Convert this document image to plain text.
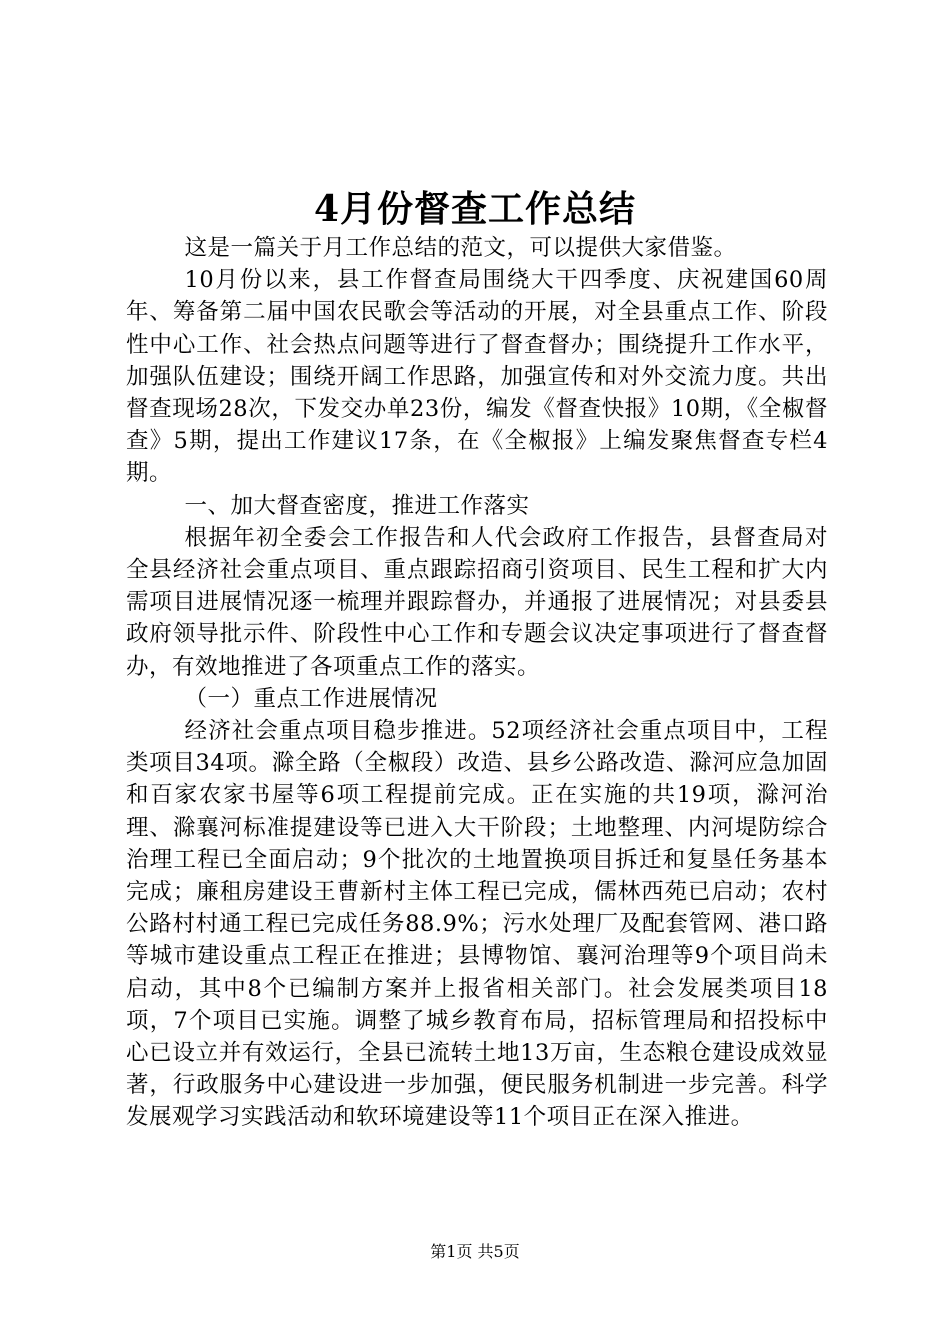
4月份督查工作总结

这是一篇关于月工作总结的范文，可以提供大家借鉴。

10月份以来，县工作督查局围绕大干四季度、庆祝建国60周年、筹备第二届中国农民歌会等活动的开展，对全县重点工作、阶段性中心工作、社会热点问题等进行了督查督办；围绕提升工作水平，加强队伍建设；围绕开阔工作思路，加强宣传和对外交流力度。共出督查现场28次，下发交办单23份，编发《督查快报》10期，《全椒督查》5期，提出工作建议17条，在《全椒报》上编发聚焦督查专栏4期。

一、加大督查密度，推进工作落实

根据年初全委会工作报告和人代会政府工作报告，县督查局对全县经济社会重点项目、重点跟踪招商引资项目、民生工程和扩大内需项目进展情况逐一梳理并跟踪督办，并通报了进展情况；对县委县政府领导批示件、阶段性中心工作和专题会议决定事项进行了督查督办，有效地推进了各项重点工作的落实。

（一）重点工作进展情况

经济社会重点项目稳步推进。52项经济社会重点项目中，工程类项目34项。滁全路（全椒段）改造、县乡公路改造、滁河应急加固和百家农家书屋等6项工程提前完成。正在实施的共19项，滁河治理、滁襄河标准提建设等已进入大干阶段；土地整理、内河堤防综合治理工程已全面启动；9个批次的土地置换项目拆迁和复垦任务基本完成；廉租房建设王曹新村主体工程已完成，儒林西苑已启动；农村公路村村通工程已完成任务88.9%；污水处理厂及配套管网、港口路等城市建设重点工程正在推进；县博物馆、襄河治理等9个项目尚未启动，其中8个已编制方案并上报省相关部门。社会发展类项目18项，7个项目已实施。调整了城乡教育布局，招标管理局和招投标中心已设立并有效运行，全县已流转土地13万亩，生态粮仓建设成效显著，行政服务中心建设进一步加强，便民服务机制进一步完善。科学发展观学习实践活动和软环境建设等11个项目正在深入推进。

第1页 共5页
